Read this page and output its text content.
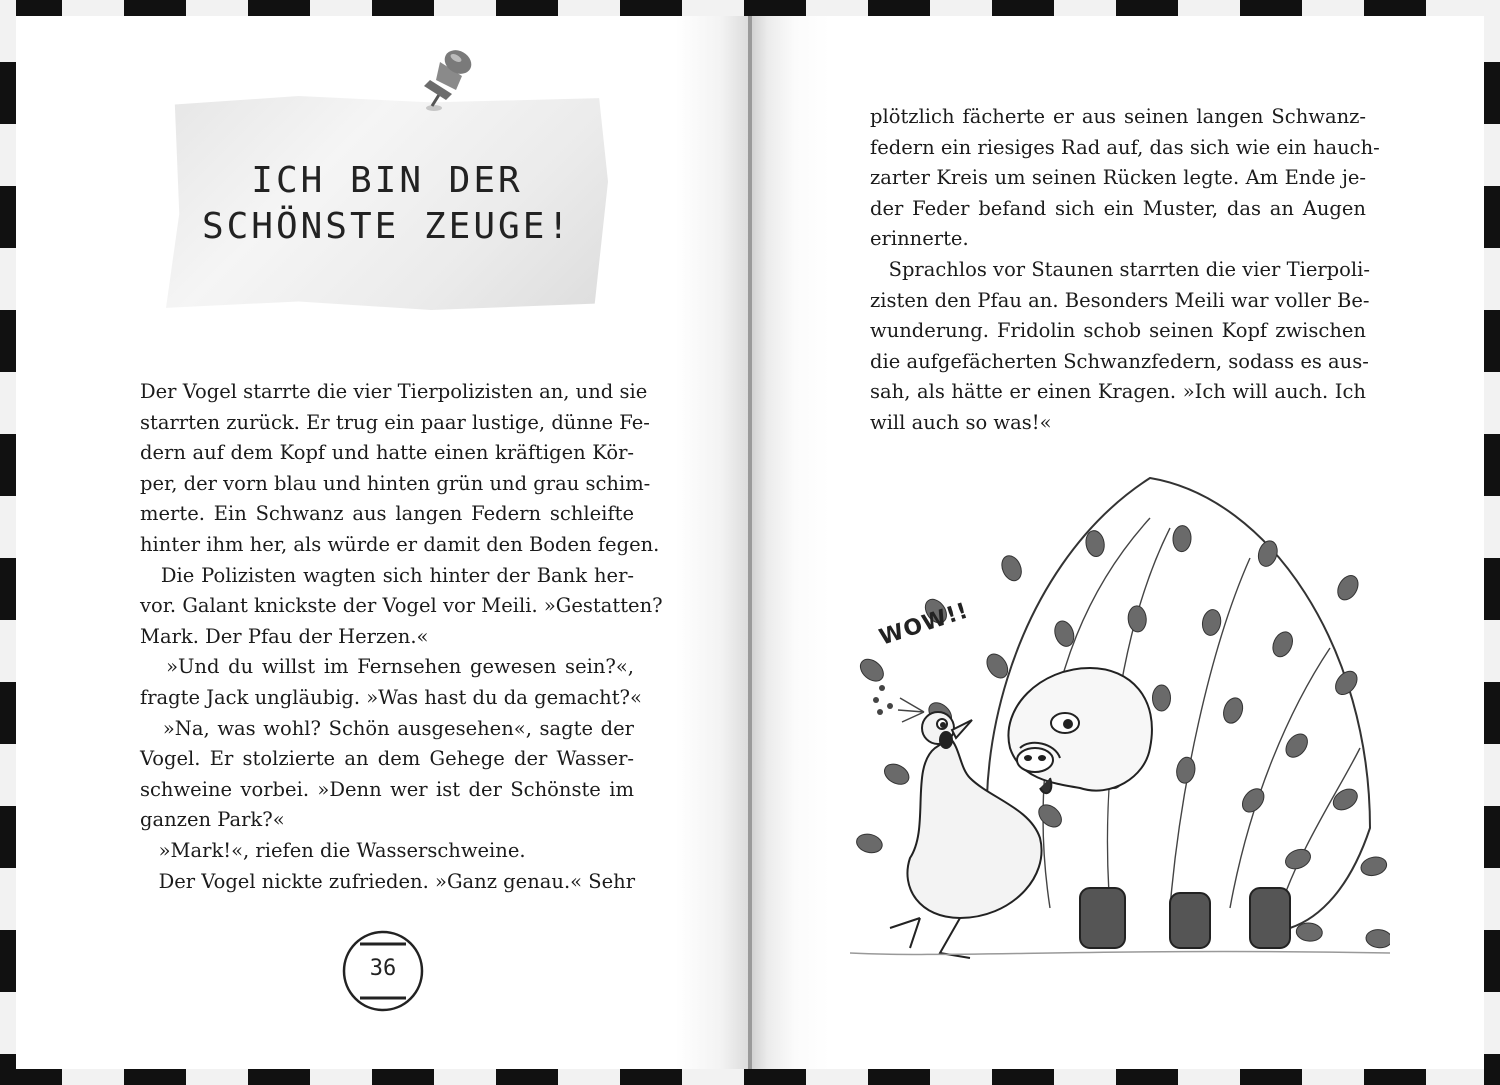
ICH BIN DER
SCHÖNSTE ZEUGE!
Der Vogel starrte die vier Tierpolizisten an, und sie
starrten zurück. Er trug ein paar lustige, dünne Fe-
dern auf dem Kopf und hatte einen kräftigen Kör-
per, der vorn blau und hinten grün und grau schim-
merte. Ein Schwanz aus langen Federn schleifte
hinter ihm her, als würde er damit den Boden fegen.
Die Polizisten wagten sich hinter der Bank her-
vor. Galant knickste der Vogel vor Meili. »Gestatten?
Mark. Der Pfau der Herzen.«
»Und du willst im Fernsehen gewesen sein?«,
fragte Jack ungläubig. »Was hast du da gemacht?«
»Na, was wohl? Schön ausgesehen«, sagte der
Vogel. Er stolzierte an dem Gehege der Wasser-
schweine vorbei. »Denn wer ist der Schönste im
ganzen Park?«
»Mark!«, riefen die Wasserschweine.
Der Vogel nickte zufrieden. »Ganz genau.« Sehr
36
plötzlich fächerte er aus seinen langen Schwanz-
federn ein riesiges Rad auf, das sich wie ein hauch-
zarter Kreis um seinen Rücken legte. Am Ende je-
der Feder befand sich ein Muster, das an Augen
erinnerte.
Sprachlos vor Staunen starrten die vier Tierpoli-
zisten den Pfau an. Besonders Meili war voller Be-
wunderung. Fridolin schob seinen Kopf zwischen
die aufgefächerten Schwanzfedern, sodass es aus-
sah, als hätte er einen Kragen. »Ich will auch. Ich
will auch so was!«
WOW!!
